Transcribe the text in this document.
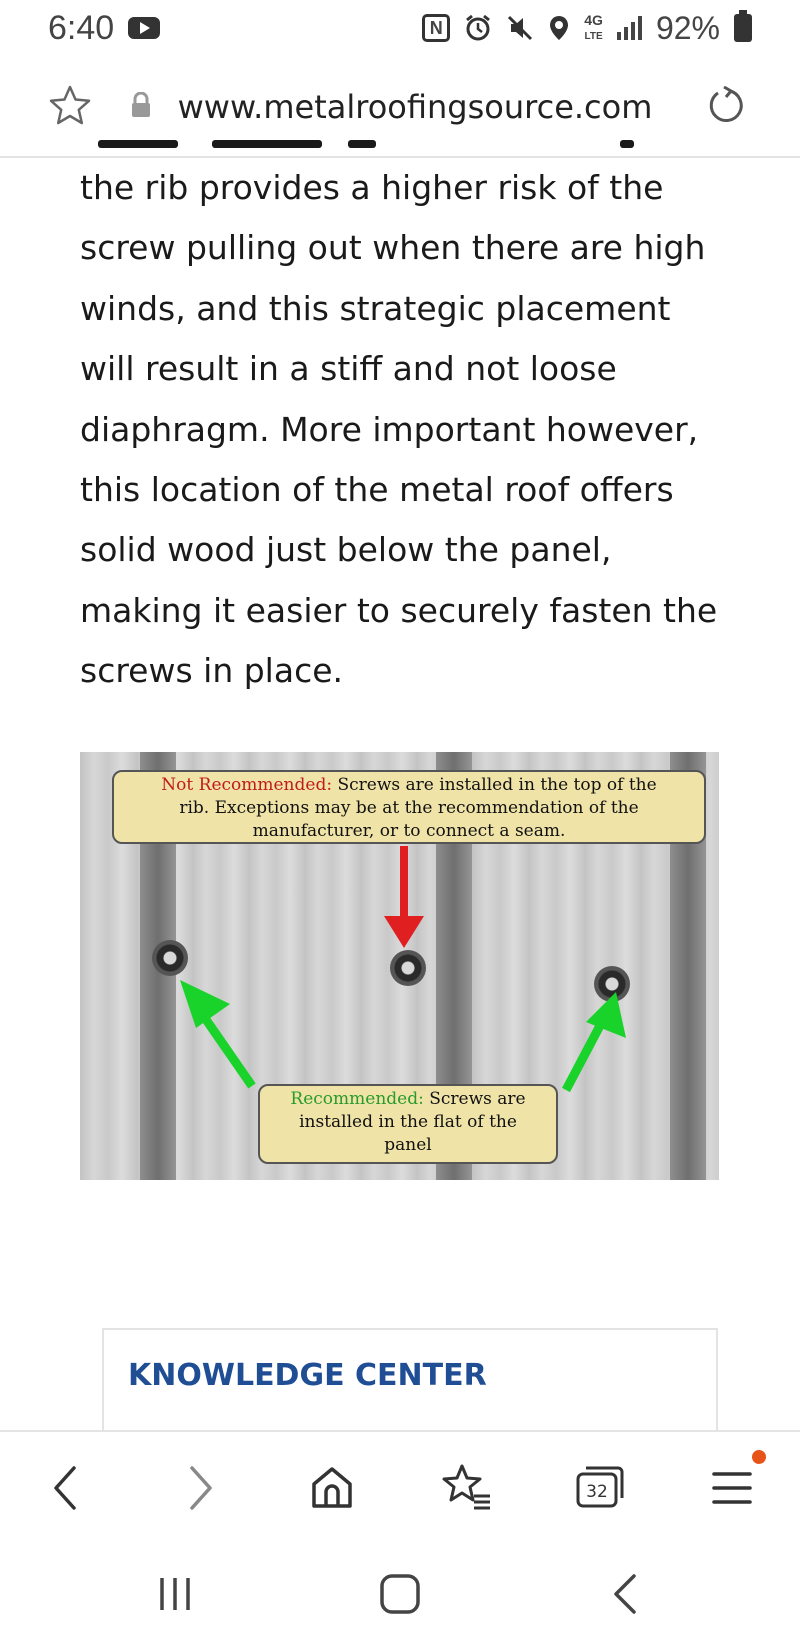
6:40	N	4G
LTE 92%
www.metalroofingsource.com
the rib provides a higher risk of the
screw pulling out when there are high
winds, and this strategic placement
will result in a stiff and not loose
diaphragm. More important however,
this location of the metal roof offers
solid wood just below the panel,
making it easier to securely fasten the
screws in place.
Not Recommended: Screws are installed in the top of the
rib. Exceptions may be at the recommendation of the
manufacturer, or to connect a seam.
Recommended: Screws are
installed in the flat of the
panel
KNOWLEDGE CENTER
32
